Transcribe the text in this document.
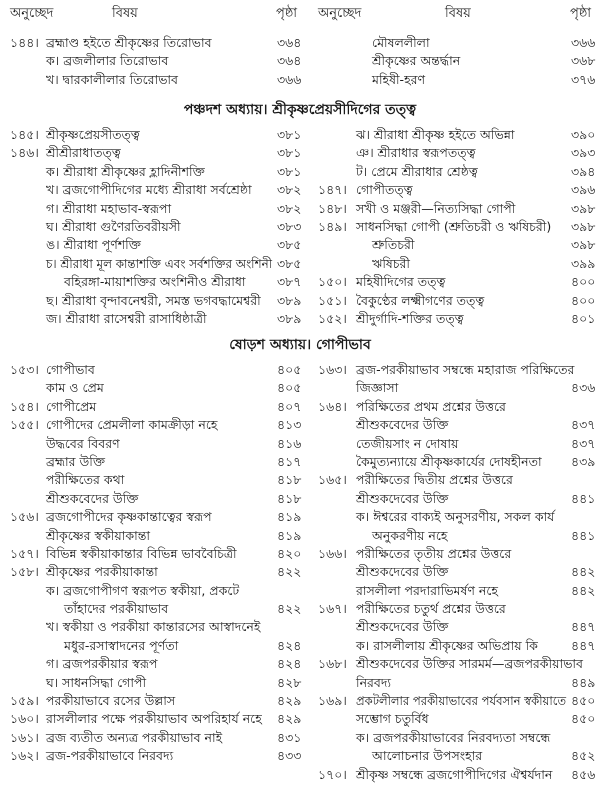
অনুচ্ছেদ	বিষয়	পৃষ্ঠা অনুচ্ছেদ	বিষয়	পৃষ্ঠা
১৪৪। ব্রহ্মাণ্ড হইতে শ্রীকৃষ্ণের তিরোভাব	৩৬৪
ক। ব্রজলীলার তিরোভাব	৩৬৪
খ। দ্বারকালীলার তিরোভাব	৩৬৬
মৌষললীলা	৩৬৬
শ্রীকৃষ্ণের অন্তর্দ্ধান	৩৬৮
মহিষী-হরণ	৩৭৬
পঞ্চদশ অধ্যায়। শ্রীকৃষ্ণপ্রেয়সীদিগের তত্ত্ব
১৪৫। শ্রীকৃষ্ণপ্রেয়সীতত্ত্ব	৩৮১
১৪৬। শ্রীশ্রীরাধাতত্ত্ব	৩৮১
ক। শ্রীরাধা শ্রীকৃষ্ণের হ্লাদিনীশক্তি	৩৮১
খ। ব্রজগোপীদিগের মধ্যে শ্রীরাধা সর্বশ্রেষ্ঠা ৩৮২
গ। শ্রীরাধা মহাভাব-স্বরূপা	৩৮২
ঘ। শ্রীরাধা গুণৈরতিবরীয়সী	৩৮৩
ঙ। শ্রীরাধা পূর্ণশক্তি	৩৮৫
চ। শ্রীরাধা মূল কান্তাশক্তি এবং সর্বশক্তির অংশিনী ৩৮৫
বহিরঙ্গা-মায়াশক্তির অংশিনীও শ্রীরাধা	৩৮৭
ছ। শ্রীরাধা বৃন্দাবনেশ্বরী, সমস্ত ভগবদ্ধামেশ্বরী ৩৮৯
জ। শ্রীরাধা রাসেশ্বরী রাসাধিষ্ঠাত্রী	৩৮৯
ঝ। শ্রীরাধা শ্রীকৃষ্ণ হইতে অভিন্না	৩৯০
ঞ। শ্রীরাধার স্বরূপতত্ত্ব	৩৯৩
ট। প্রেমে শ্রীরাধার শ্রেষ্ঠত্ব	৩৯৪
১৪৭। গোপীতত্ত্ব	৩৯৬
১৪৮। সখী ও মঞ্জরী—নিত্যসিদ্ধা গোপী	৩৯৮
১৪৯। সাধনসিদ্ধা গোপী (শ্রুতিচরী ও ঋষিচরী) ৩৯৮
শ্রুতিচরী	৩৯৮
ঋষিচরী	৩৯৯
১৫০। মহিষীদিগের তত্ত্ব	৪০০
১৫১। বৈকুণ্ঠের লক্ষ্মীগণের তত্ত্ব	৪০০
১৫২। শ্রীদুর্গাদি-শক্তির তত্ত্ব	৪০১
ষোড়শ অধ্যায়। গোপীভাব
১৫৩। গোপীভাব	৪০৫
কাম ও প্রেম	৪০৫
১৫৪। গোপীপ্রেম	৪০৭
১৫৫। গোপীদের প্রেমলীলা কামক্রীড়া নহে	৪১৩
উদ্ধবের বিবরণ	৪১৬
ব্রহ্মার উক্তি	৪১৭
পরীক্ষিতের কথা	৪১৮
শ্রীশুকবেদের উক্তি	৪১৮
১৫৬। ব্রজগোপীদের কৃষ্ণকান্তাত্বের স্বরূপ	৪১৯
শ্রীকৃষ্ণের স্বকীয়াকান্তা	৪১৯
১৫৭। বিভিন্ন স্বকীয়াকান্তার বিভিন্ন ভাববৈচিত্রী	৪২০
১৫৮। শ্রীকৃষ্ণের পরকীয়াকান্তা	৪২২
ক। ব্রজগোপীগণ স্বরূপত স্বকীয়া, প্রকটে
তাঁহাদের পরকীয়াভাব	৪২২
খ। স্বকীয়া ও পরকীয়া কান্তারসের আস্বাদনেই
মধুর-রসাস্বাদনের পূর্ণতা	৪২৪
গ। ব্রজপরকীয়ার স্বরূপ	৪২৪
ঘ। সাধনসিদ্ধা গোপী	৪২৮
১৫৯। পরকীয়াভাবে রসের উল্লাস	৪২৯
১৬০। রাসলীলার পক্ষে পরকীয়াভাব অপরিহার্য নহে ৪২৯
১৬১। ব্রজ ব্যতীত অন্যত্র পরকীয়াভাব নাই	৪৩১
১৬২। ব্রজ-পরকীয়াভাবে নিরবদ্য	৪৩৩
১৬৩। ব্রজ-পরকীয়াভাব সম্বন্ধে মহারাজ পরিক্ষিতের
জিজ্ঞাসা	৪৩৬
১৬৪। পরিক্ষিতের প্রথম প্রশ্নের উত্তরে
শ্রীশুকবেদের উক্তি	৪৩৭
তেজীয়সাং ন দোষায়	৪৩৭
কৈমুত্যন্যায়ে শ্রীকৃষ্ণকার্যের দোষহীনতা ৪৩৯
১৬৫। পরীক্ষিতের দ্বিতীয় প্রশ্নের উত্তরে
শ্রীশুকদেবের উক্তি	৪৪১
ক। ঈশ্বরের বাক্যই অনুসরণীয়, সকল কার্য
অনুকরণীয় নহে	৪৪১
১৬৬। পরীক্ষিতের তৃতীয় প্রশ্নের উত্তরে
শ্রীশুকদেবের উক্তি	৪৪২
রাসলীলা পরদারাভিমর্ষণ নহে	৪৪২
১৬৭। পরীক্ষিতের চতুর্থ প্রশ্নের উত্তরে
শ্রীশুকদেবের উক্তি	৪৪৭
ক। রাসলীলায় শ্রীকৃষ্ণের অভিপ্রায় কি	৪৪৭
১৬৮। শ্রীশুকদেবের উক্তির সারমর্ম—ব্রজপরকীয়াভাব
নিরবদ্য	৪৪৯
১৬৯। প্রকটলীলার পরকীয়াভাবের পর্যবসান স্বকীয়াতে ৪৫০
সম্ভোগ চতুর্বিধ	৪৫০
ক। ব্রজপরকীয়াভাবের নিরবদ্যতা সম্বন্ধে
আলোচনার উপসংহার	৪৫২
১৭০। শ্রীকৃষ্ণ সম্বন্ধে ব্রজগোপীদিগের ঐশ্বর্যদান ৪৫৬
